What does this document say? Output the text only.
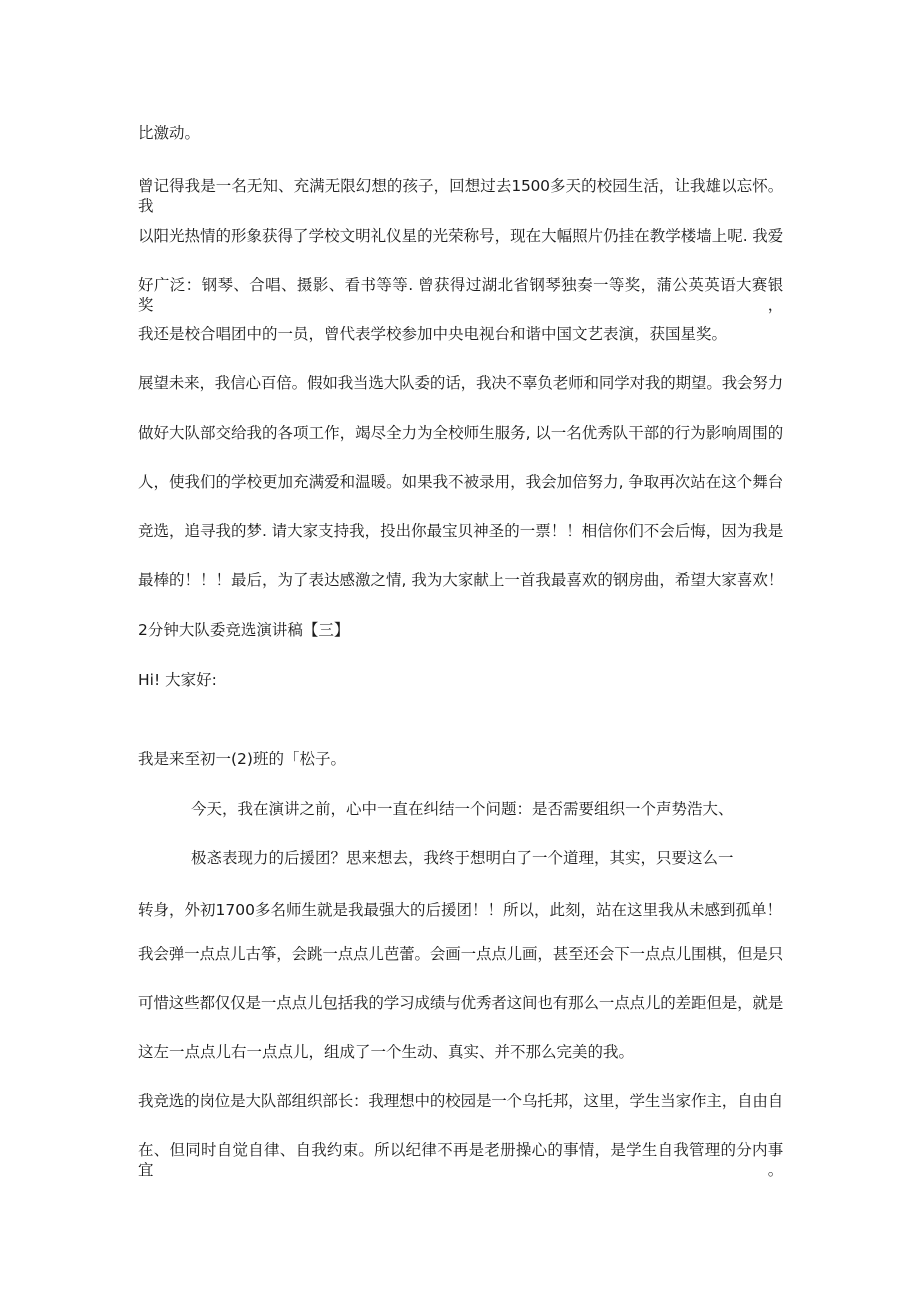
比激动。
曾记得我是一名无知、充满无限幻想的孩子，回想过去1500多天的校园生活，让我雄以忘怀。我
以阳光热情的形象获得了学校文明礼仪星的光荣称号，现在大幅照片仍挂在教学楼墙上呢. 我爱
好广泛：钢琴、合唱、摄影、看书等等. 曾获得过湖北省钢琴独奏一等奖，蒲公英英语大赛银奖，
我还是校合唱团中的一员，曾代表学校参加中央电视台和谐中国文艺表演，获国星奖。
展望未来，我信心百倍。假如我当选大队委的话，我决不辜负老师和同学对我的期望。我会努力
做好大队部交给我的各项工作，竭尽全力为全校师生服务, 以一名优秀队干部的行为影响周围的
人，使我们的学校更加充满爱和温暖。如果我不被录用，我会加倍努力, 争取再次站在这个舞台
竞选，追寻我的梦. 请大家支持我，投出你最宝贝神圣的一票！！相信你们不会后悔，因为我是
最棒的！！！最后，为了表达感激之情, 我为大家献上一首我最喜欢的钢房曲，希望大家喜欢！
2分钟大队委竞选演讲稿【三】
Hi! 大家好:
我是来至初一(2)班的「松子。
今天，我在演讲之前，心中一直在纠结一个问题：是否需要组织一个声势浩大、
极忞表现力的后援团？思来想去，我终于想明白了一个道理，其实，只要这么一
转身，外初1700多名师生就是我最强大的后援团！！所以，此刻，站在这里我从未感到孤单！
我会弹一点点儿古筝，会跳一点点儿芭蕾。会画一点点儿画，甚至还会下一点点儿围棋，但是只
可惜这些都仅仅是一点点儿包括我的学习成绩与优秀者这间也有那么一点点儿的差距但是，就是
这左一点点儿右一点点儿，组成了一个生动、真实、并不那么完美的我。
我竞选的岗位是大队部组织部长：我理想中的校园是一个乌托邦，这里，学生当家作主，自由自
在、但同时自觉自律、自我约束。所以纪律不再是老册操心的事情，是学生自我管理的分内事宜。
